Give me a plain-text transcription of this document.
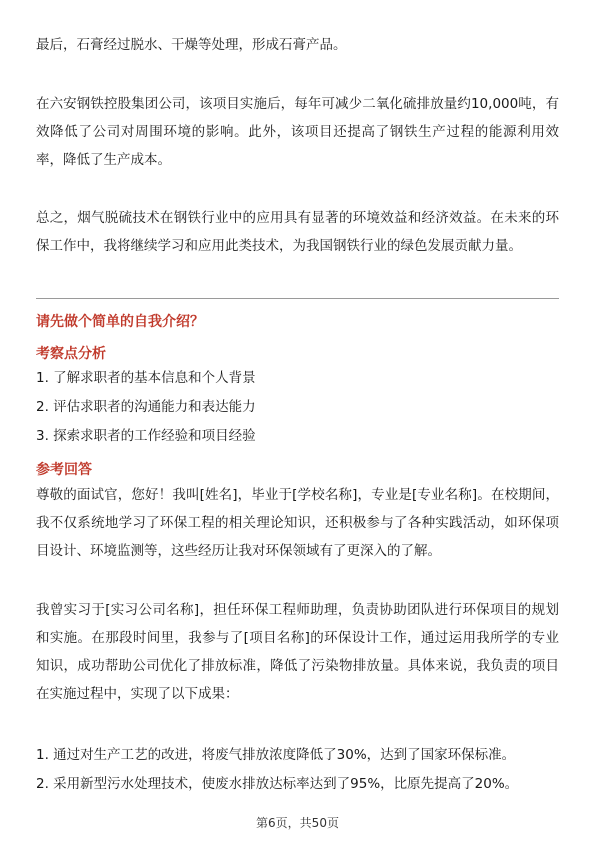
最后，石膏经过脱水、干燥等处理，形成石膏产品。

在六安钢铁控股集团公司，该项目实施后，每年可减少二氧化硫排放量约10,000吨，有效降低了公司对周围环境的影响。此外，该项目还提高了钢铁生产过程的能源利用效率，降低了生产成本。

总之，烟气脱硫技术在钢铁行业中的应用具有显著的环境效益和经济效益。在未来的环保工作中，我将继续学习和应用此类技术，为我国钢铁行业的绿色发展贡献力量。

请先做个简单的自我介绍？
考察点分析
1. 了解求职者的基本信息和个人背景
2. 评估求职者的沟通能力和表达能力
3. 探索求职者的工作经验和项目经验
参考回答

尊敬的面试官，您好！我叫[姓名]，毕业于[学校名称]，专业是[专业名称]。在校期间，我不仅系统地学习了环保工程的相关理论知识，还积极参与了各种实践活动，如环保项目设计、环境监测等，这些经历让我对环保领域有了更深入的了解。

我曾实习于[实习公司名称]，担任环保工程师助理，负责协助团队进行环保项目的规划和实施。在那段时间里，我参与了[项目名称]的环保设计工作，通过运用我所学的专业知识，成功帮助公司优化了排放标准，降低了污染物排放量。具体来说，我负责的项目在实施过程中，实现了以下成果：

1. 通过对生产工艺的改进，将废气排放浓度降低了30%，达到了国家环保标准。

2. 采用新型污水处理技术，使废水排放达标率达到了95%，比原先提高了20%。

第6页，共50页
